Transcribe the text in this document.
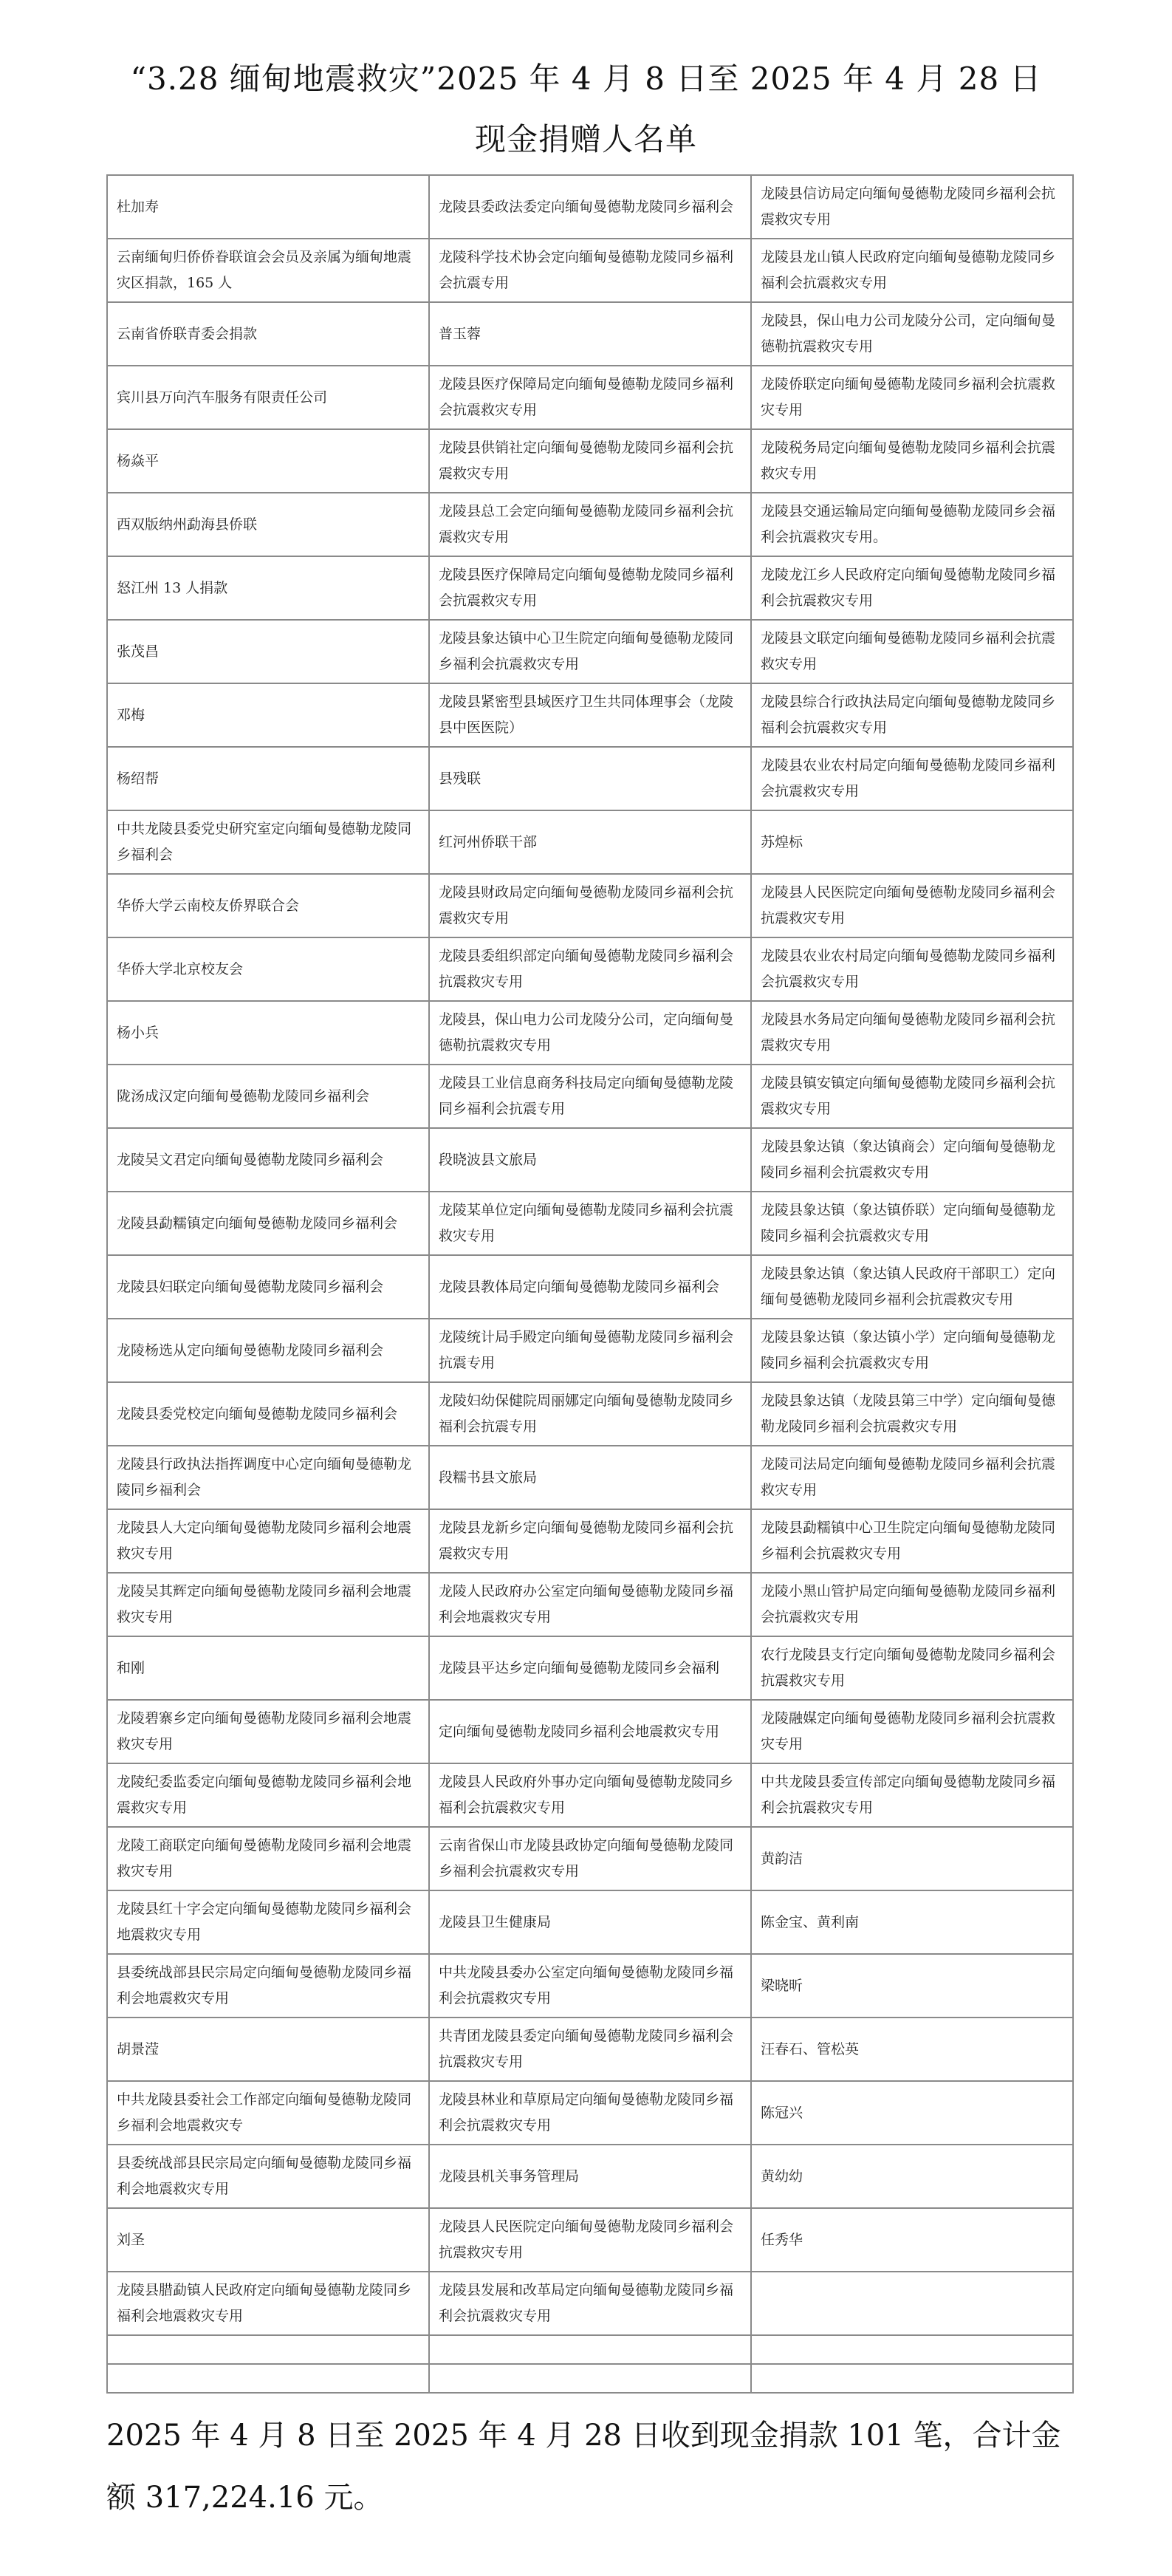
“3.28 缅甸地震救灾”2025 年 4 月 8 日至 2025 年 4 月 28 日
现金捐赠人名单
杜加寿	龙陵县委政法委定向缅甸曼德勒龙陵同乡福利会	龙陵县信访局定向缅甸曼德勒龙陵同乡福利会抗震救灾专用
云南缅甸归侨侨眷联谊会会员及亲属为缅甸地震灾区捐款，165 人	龙陵科学技术协会定向缅甸曼德勒龙陵同乡福利会抗震专用	龙陵县龙山镇人民政府定向缅甸曼德勒龙陵同乡福利会抗震救灾专用
云南省侨联青委会捐款	普玉蓉	龙陵县，保山电力公司龙陵分公司，定向缅甸曼德勒抗震救灾专用
宾川县万向汽车服务有限责任公司	龙陵县医疗保障局定向缅甸曼德勒龙陵同乡福利会抗震救灾专用	龙陵侨联定向缅甸曼德勒龙陵同乡福利会抗震救灾专用
杨焱平	龙陵县供销社定向缅甸曼德勒龙陵同乡福利会抗震救灾专用	龙陵税务局定向缅甸曼德勒龙陵同乡福利会抗震救灾专用
西双版纳州勐海县侨联	龙陵县总工会定向缅甸曼德勒龙陵同乡福利会抗震救灾专用	龙陵县交通运输局定向缅甸曼德勒龙陵同乡会福利会抗震救灾专用。
怒江州 13 人捐款	龙陵县医疗保障局定向缅甸曼德勒龙陵同乡福利会抗震救灾专用	龙陵龙江乡人民政府定向缅甸曼德勒龙陵同乡福利会抗震救灾专用
张茂昌	龙陵县象达镇中心卫生院定向缅甸曼德勒龙陵同乡福利会抗震救灾专用	龙陵县文联定向缅甸曼德勒龙陵同乡福利会抗震救灾专用
邓梅	龙陵县紧密型县域医疗卫生共同体理事会（龙陵县中医医院）	龙陵县综合行政执法局定向缅甸曼德勒龙陵同乡福利会抗震救灾专用
杨绍帮	县残联	龙陵县农业农村局定向缅甸曼德勒龙陵同乡福利会抗震救灾专用
中共龙陵县委党史研究室定向缅甸曼德勒龙陵同乡福利会	红河州侨联干部	苏煌标
华侨大学云南校友侨界联合会	龙陵县财政局定向缅甸曼德勒龙陵同乡福利会抗震救灾专用	龙陵县人民医院定向缅甸曼德勒龙陵同乡福利会抗震救灾专用
华侨大学北京校友会	龙陵县委组织部定向缅甸曼德勒龙陵同乡福利会抗震救灾专用	龙陵县农业农村局定向缅甸曼德勒龙陵同乡福利会抗震救灾专用
杨小兵	龙陵县，保山电力公司龙陵分公司，定向缅甸曼德勒抗震救灾专用	龙陵县水务局定向缅甸曼德勒龙陵同乡福利会抗震救灾专用
陇汤成汉定向缅甸曼德勒龙陵同乡福利会	龙陵县工业信息商务科技局定向缅甸曼德勒龙陵同乡福利会抗震专用	龙陵县镇安镇定向缅甸曼德勒龙陵同乡福利会抗震救灾专用
龙陵吴文君定向缅甸曼德勒龙陵同乡福利会	段晓波县文旅局	龙陵县象达镇（象达镇商会）定向缅甸曼德勒龙陵同乡福利会抗震救灾专用
龙陵县勐糯镇定向缅甸曼德勒龙陵同乡福利会	龙陵某单位定向缅甸曼德勒龙陵同乡福利会抗震救灾专用	龙陵县象达镇（象达镇侨联）定向缅甸曼德勒龙陵同乡福利会抗震救灾专用
龙陵县妇联定向缅甸曼德勒龙陵同乡福利会	龙陵县教体局定向缅甸曼德勒龙陵同乡福利会	龙陵县象达镇（象达镇人民政府干部职工）定向缅甸曼德勒龙陵同乡福利会抗震救灾专用
龙陵杨选从定向缅甸曼德勒龙陵同乡福利会	龙陵统计局手殿定向缅甸曼德勒龙陵同乡福利会抗震专用	龙陵县象达镇（象达镇小学）定向缅甸曼德勒龙陵同乡福利会抗震救灾专用
龙陵县委党校定向缅甸曼德勒龙陵同乡福利会	龙陵妇幼保健院周丽娜定向缅甸曼德勒龙陵同乡福利会抗震专用	龙陵县象达镇（龙陵县第三中学）定向缅甸曼德勒龙陵同乡福利会抗震救灾专用
龙陵县行政执法指挥调度中心定向缅甸曼德勒龙陵同乡福利会	段糯书县文旅局	龙陵司法局定向缅甸曼德勒龙陵同乡福利会抗震救灾专用
龙陵县人大定向缅甸曼德勒龙陵同乡福利会地震救灾专用	龙陵县龙新乡定向缅甸曼德勒龙陵同乡福利会抗震救灾专用	龙陵县勐糯镇中心卫生院定向缅甸曼德勒龙陵同乡福利会抗震救灾专用
龙陵吴其辉定向缅甸曼德勒龙陵同乡福利会地震救灾专用	龙陵人民政府办公室定向缅甸曼德勒龙陵同乡福利会地震救灾专用	龙陵小黑山管护局定向缅甸曼德勒龙陵同乡福利会抗震救灾专用
和刚	龙陵县平达乡定向缅甸曼德勒龙陵同乡会福利	农行龙陵县支行定向缅甸曼德勒龙陵同乡福利会抗震救灾专用
龙陵碧寨乡定向缅甸曼德勒龙陵同乡福利会地震救灾专用	定向缅甸曼德勒龙陵同乡福利会地震救灾专用	龙陵融媒定向缅甸曼德勒龙陵同乡福利会抗震救灾专用
龙陵纪委监委定向缅甸曼德勒龙陵同乡福利会地震救灾专用	龙陵县人民政府外事办定向缅甸曼德勒龙陵同乡福利会抗震救灾专用	中共龙陵县委宣传部定向缅甸曼德勒龙陵同乡福利会抗震救灾专用
龙陵工商联定向缅甸曼德勒龙陵同乡福利会地震救灾专用	云南省保山市龙陵县政协定向缅甸曼德勒龙陵同乡福利会抗震救灾专用	黄韵洁
龙陵县红十字会定向缅甸曼德勒龙陵同乡福利会地震救灾专用	龙陵县卫生健康局	陈金宝、黄利南
县委统战部县民宗局定向缅甸曼德勒龙陵同乡福利会地震救灾专用	中共龙陵县委办公室定向缅甸曼德勒龙陵同乡福利会抗震救灾专用	梁晓昕
胡景滢	共青团龙陵县委定向缅甸曼德勒龙陵同乡福利会抗震救灾专用	汪春石、管松英
中共龙陵县委社会工作部定向缅甸曼德勒龙陵同乡福利会地震救灾专	龙陵县林业和草原局定向缅甸曼德勒龙陵同乡福利会抗震救灾专用	陈冠兴
县委统战部县民宗局定向缅甸曼德勒龙陵同乡福利会地震救灾专用	龙陵县机关事务管理局	黄幼幼
刘圣	龙陵县人民医院定向缅甸曼德勒龙陵同乡福利会抗震救灾专用	任秀华
龙陵县腊勐镇人民政府定向缅甸曼德勒龙陵同乡福利会地震救灾专用	龙陵县发展和改革局定向缅甸曼德勒龙陵同乡福利会抗震救灾专用	

2025 年 4 月 8 日至 2025 年 4 月 28 日收到现金捐款 101 笔，合计金额 317,224.16 元。
